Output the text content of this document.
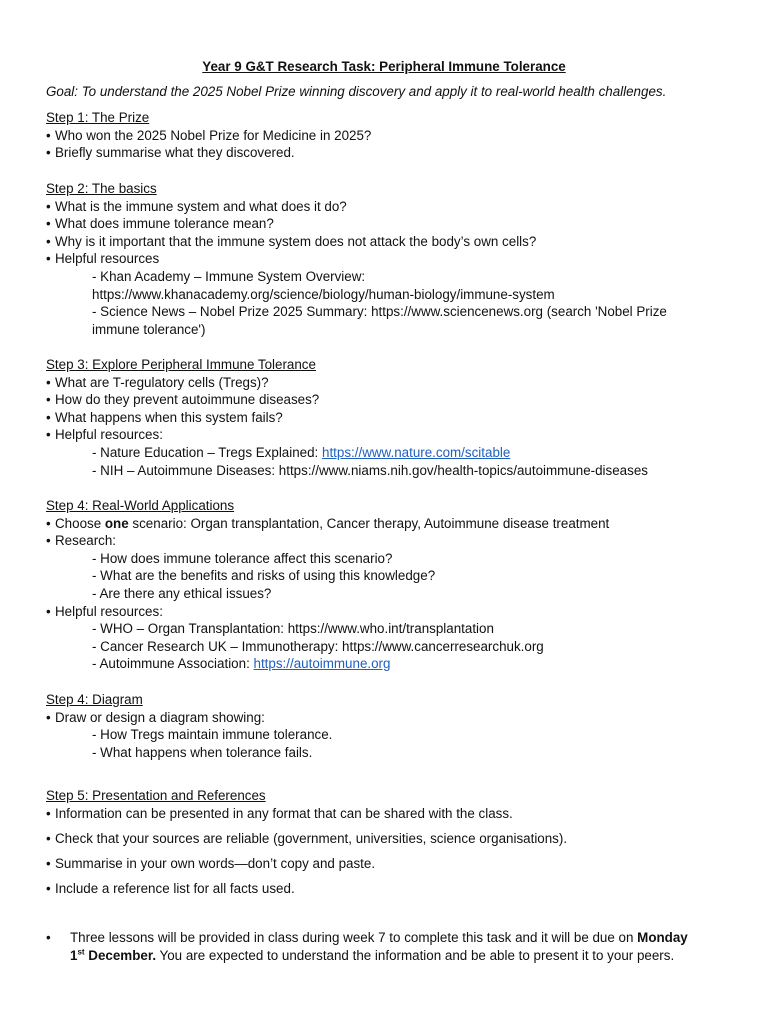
Year 9 G&T Research Task: Peripheral Immune Tolerance
Goal: To understand the 2025 Nobel Prize winning discovery and apply it to real-world health challenges.
Step 1: The Prize
• Who won the 2025 Nobel Prize for Medicine in 2025?
• Briefly summarise what they discovered.
Step 2: The basics
• What is the immune system and what does it do?
• What does immune tolerance mean?
• Why is it important that the immune system does not attack the body’s own cells?
• Helpful resources
- Khan Academy – Immune System Overview: https://www.khanacademy.org/science/biology/human-biology/immune-system
- Science News – Nobel Prize 2025 Summary: https://www.sciencenews.org (search 'Nobel Prize immune tolerance')
Step 3: Explore Peripheral Immune Tolerance
• What are T-regulatory cells (Tregs)?
• How do they prevent autoimmune diseases?
• What happens when this system fails?
• Helpful resources:
- Nature Education – Tregs Explained: https://www.nature.com/scitable
- NIH – Autoimmune Diseases: https://www.niams.nih.gov/health-topics/autoimmune-diseases
Step 4: Real-World Applications
• Choose one scenario: Organ transplantation, Cancer therapy, Autoimmune disease treatment
• Research:
- How does immune tolerance affect this scenario?
- What are the benefits and risks of using this knowledge?
- Are there any ethical issues?
• Helpful resources:
- WHO – Organ Transplantation: https://www.who.int/transplantation
- Cancer Research UK – Immunotherapy: https://www.cancerresearchuk.org
- Autoimmune Association: https://autoimmune.org
Step 4: Diagram
• Draw or design a diagram showing:
- How Tregs maintain immune tolerance.
- What happens when tolerance fails.
Step 5: Presentation and References
• Information can be presented in any format that can be shared with the class.
• Check that your sources are reliable (government, universities, science organisations).
• Summarise in your own words—don’t copy and paste.
• Include a reference list for all facts used.
• Three lessons will be provided in class during week 7 to complete this task and it will be due on Monday 1st December. You are expected to understand the information and be able to present it to your peers.
